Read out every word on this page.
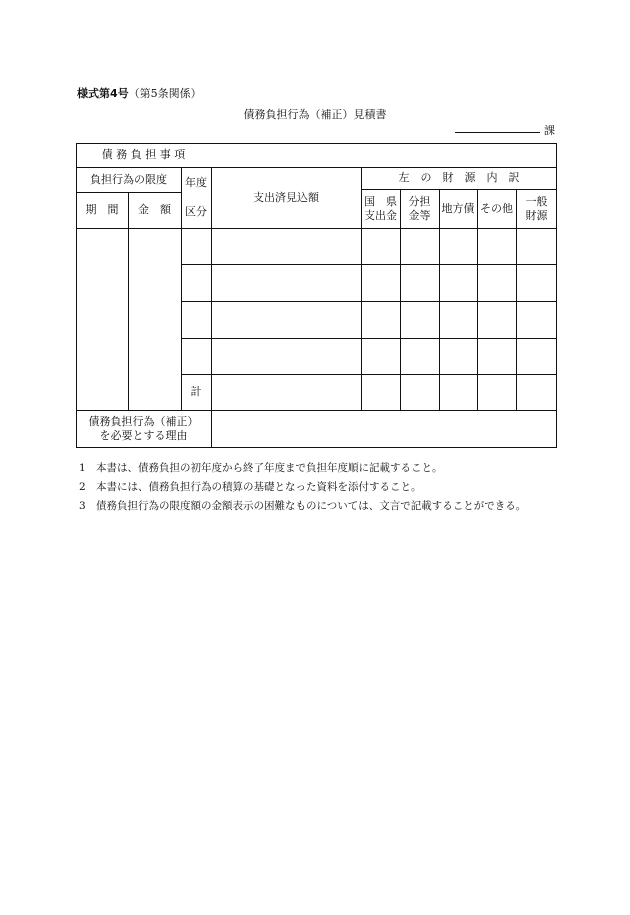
様式第4号（第5条関係）
債務負担行為（補正）見積書
課
債 務 負 担 事 項
負担行為の限度
期　間	金　額
年度
区分
支出済見込額
左　の　財　源　内　訳
国　県
支出金
分担
金等
地方債 その他
一般
財源
計
債務負担行為（補正）
を必要とする理由
1 本書は、債務負担の初年度から終了年度まで負担年度順に記載すること。
2 本書には、債務負担行為の積算の基礎となった資料を添付すること。
3 債務負担行為の限度額の金額表示の困難なものについては、文言で記載することができる。
